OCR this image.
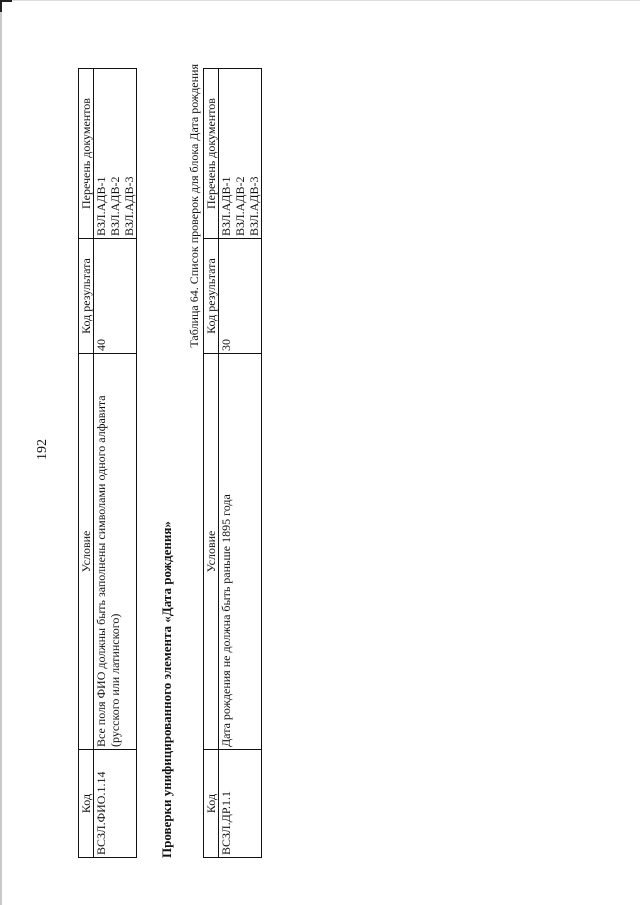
192
Код	Условие	Код результата	Перечень документов
ВСЗЛ.ФИО.1.14	Все поля ФИО должны быть заполнены символами одного алфавита (русского или латинского)	40	ВЗЛ.АДВ-1 ВЗЛ.АДВ-2 ВЗЛ.АДВ-3
Проверки унифицированного элемента «Дата рождения»
Таблица 64. Список проверок для блока Дата рождения
Код	Условие	Код результата	Перечень документов
ВСЗЛ.ДР.1.1	Дата рождения не должна быть раньше 1895 года	30	ВЗЛ.АДВ-1 ВЗЛ.АДВ-2 ВЗЛ.АДВ-3
